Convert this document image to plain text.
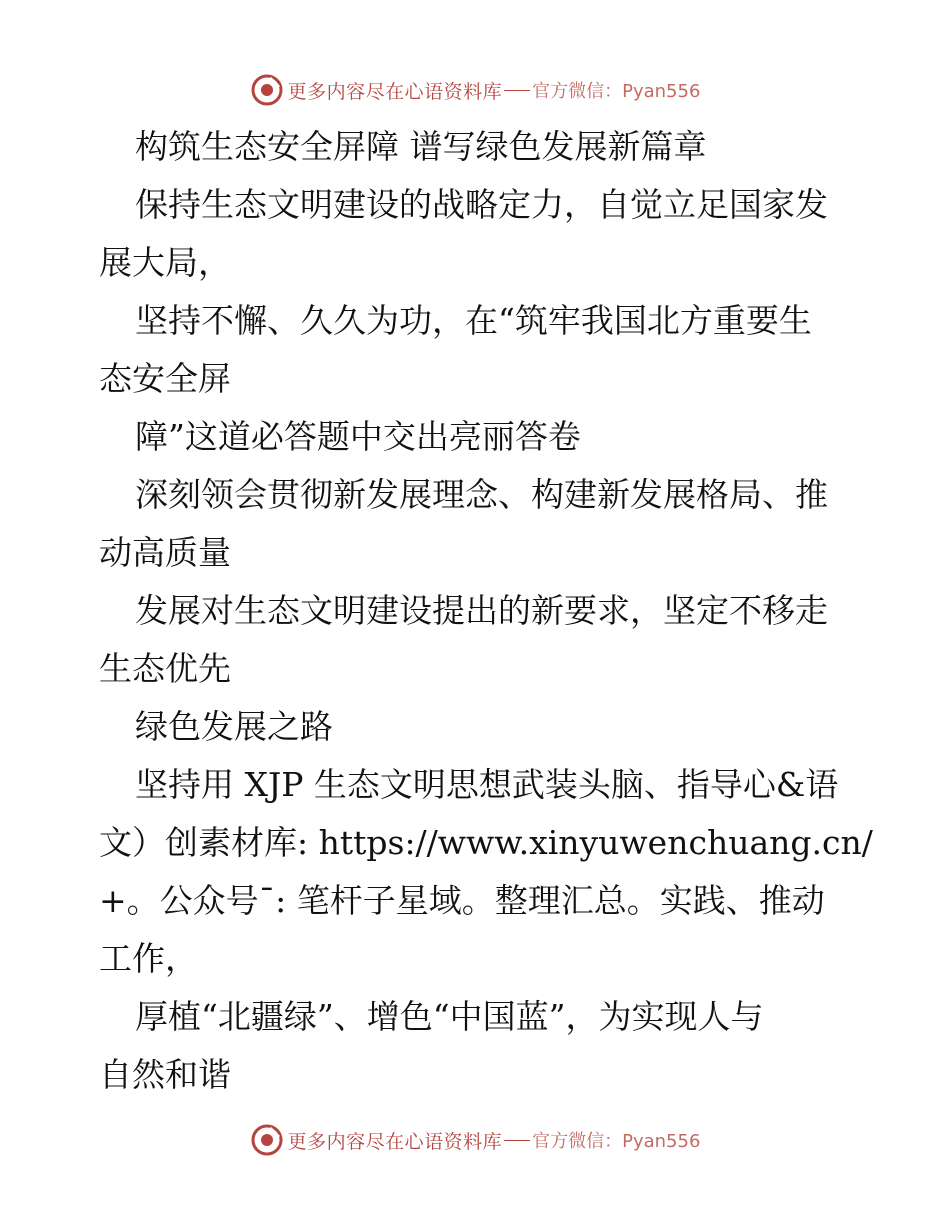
更多内容尽在心语资料库 官方微信：Pyan556
构筑生态安全屏障 谱写绿色发展新篇章
保持生态文明建设的战略定力，自觉立足国家发
展大局，
坚持不懈、久久为功，在“筑牢我国北方重要生
态安全屏
障”这道必答题中交出亮丽答卷
深刻领会贯彻新发展理念、构建新发展格局、推
动高质量
发展对生态文明建设提出的新要求，坚定不移走
生态优先
绿色发展之路
坚持用 XJP 生态文明思想武装头脑、指导心&语
文）创素材库: https://www.xinyuwenchuang.cn/
+。公众号¯: 笔杆子星域。整理汇总。实践、推动
工作，
厚植“北疆绿”、增色“中国蓝”，为实现人与
自然和谐
更多内容尽在心语资料库 官方微信：Pyan556
